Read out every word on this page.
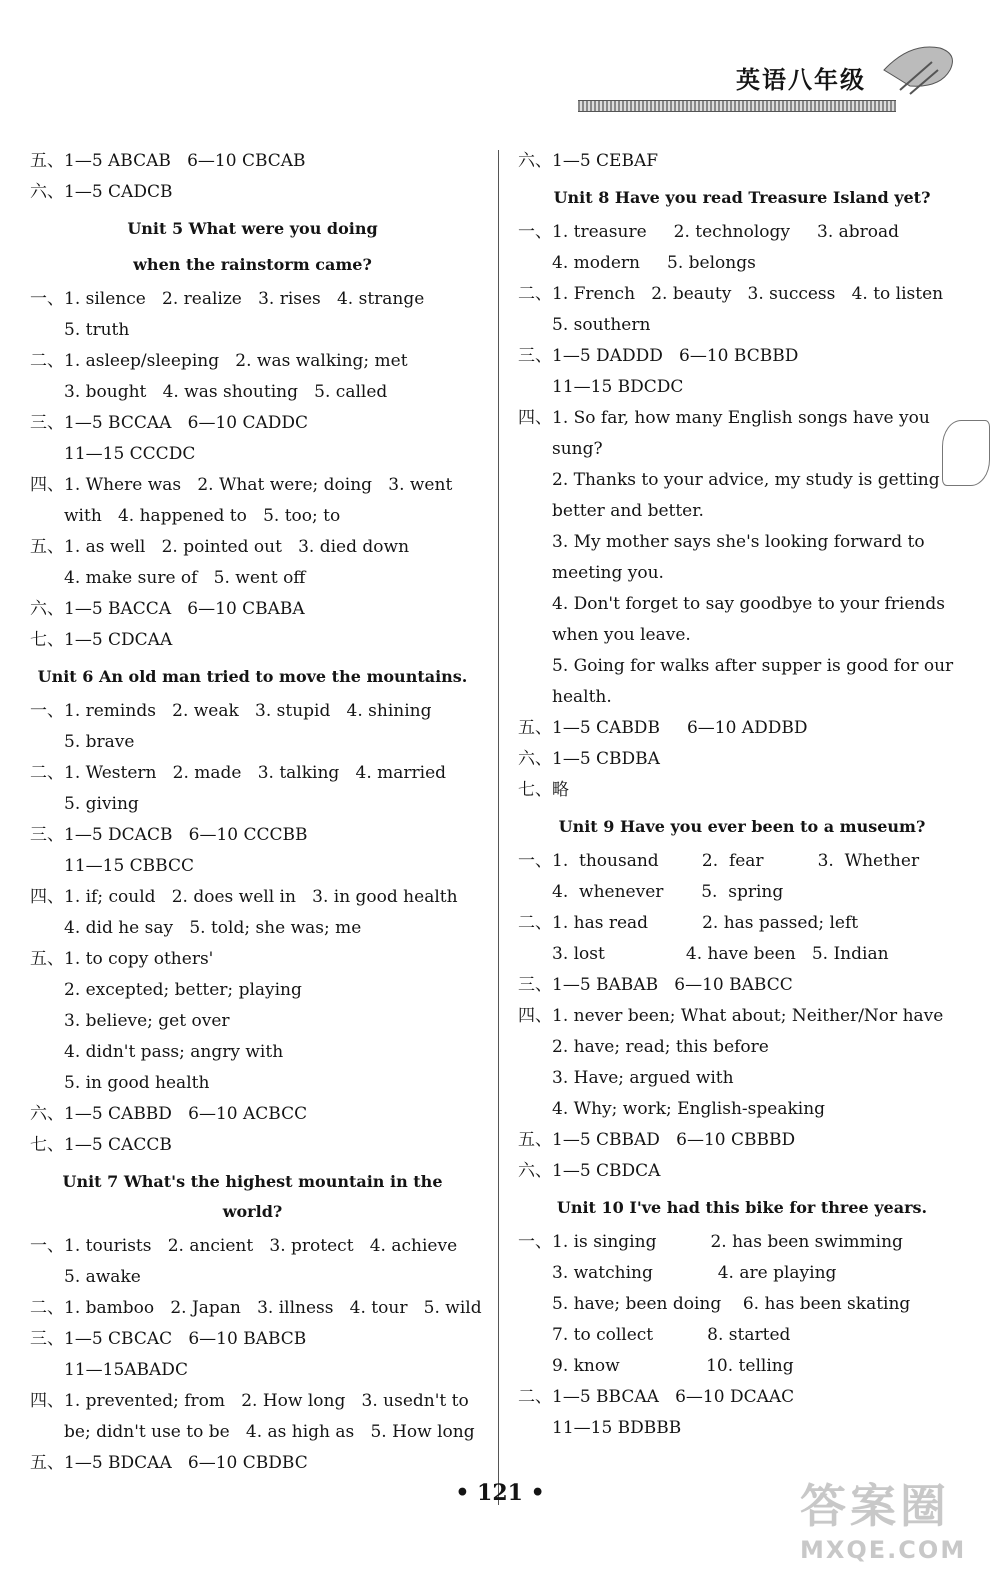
英语八年级
五、1—5 ABCAB   6—10 CBCAB
六、1—5 CADCB
Unit 5 What were you doing
when the rainstorm came?
一、1. silence   2. realize   3. rises   4. strange
5. truth
二、1. asleep/sleeping   2. was walking; met
3. bought   4. was shouting   5. called
三、1—5 BCCAA   6—10 CADDC
11—15 CCCDC
四、1. Where was   2. What were; doing   3. went
with   4. happened to   5. too; to
五、1. as well   2. pointed out   3. died down
4. make sure of   5. went off
六、1—5 BACCA   6—10 CBABA
七、1—5 CDCAA
Unit 6 An old man tried to move the mountains.
一、1. reminds   2. weak   3. stupid   4. shining
5. brave
二、1. Western   2. made   3. talking   4. married
5. giving
三、1—5 DCACB   6—10 CCCBB
11—15 CBBCC
四、1. if; could   2. does well in   3. in good health
4. did he say   5. told; she was; me
五、1. to copy others'
2. excepted; better; playing
3. believe; get over
4. didn't pass; angry with
5. in good health
六、1—5 CABBD   6—10 ACBCC
七、1—5 CACCB
Unit 7 What's the highest mountain in the world?
一、1. tourists   2. ancient   3. protect   4. achieve
5. awake
二、1. bamboo   2. Japan   3. illness   4. tour   5. wild
三、1—5 CBCAC   6—10 BABCB
11—15ABADC
四、1. prevented; from   2. How long   3. usedn't to
be; didn't use to be   4. as high as   5. How long
五、1—5 BDCAA   6—10 CBDBC
六、1—5 CEBAF
Unit 8 Have you read Treasure Island yet?
一、1. treasure     2. technology     3. abroad
4. modern     5. belongs
二、1. French   2. beauty   3. success   4. to listen
5. southern
三、1—5 DADDD   6—10 BCBBD
11—15 BDCDC
四、1. So far, how many English songs have you
sung?
2. Thanks to your advice, my study is getting
better and better.
3. My mother says she's looking forward to
meeting you.
4. Don't forget to say goodbye to your friends
when you leave.
5. Going for walks after supper is good for our
health.
五、1—5 CABDB     6—10 ADDBD
六、1—5 CBDBA
七、略
Unit 9 Have you ever been to a museum?
一、1.  thousand        2.  fear          3.  Whether
4.  whenever       5.  spring
二、1. has read          2. has passed; left
3. lost               4. have been   5. Indian
三、1—5 BABAB   6—10 BABCC
四、1. never been; What about; Neither/Nor have
2. have; read; this before
3. Have; argued with
4. Why; work; English-speaking
五、1—5 CBBAD   6—10 CBBBD
六、1—5 CBDCA
Unit 10 I've had this bike for three years.
一、1. is singing          2. has been swimming
3. watching            4. are playing
5. have; been doing    6. has been skating
7. to collect          8. started
9. know                10. telling
二、1—5 BBCAA   6—10 DCAAC
11—15 BDBBB
• 121 •	答案圈
MXQE.COM
